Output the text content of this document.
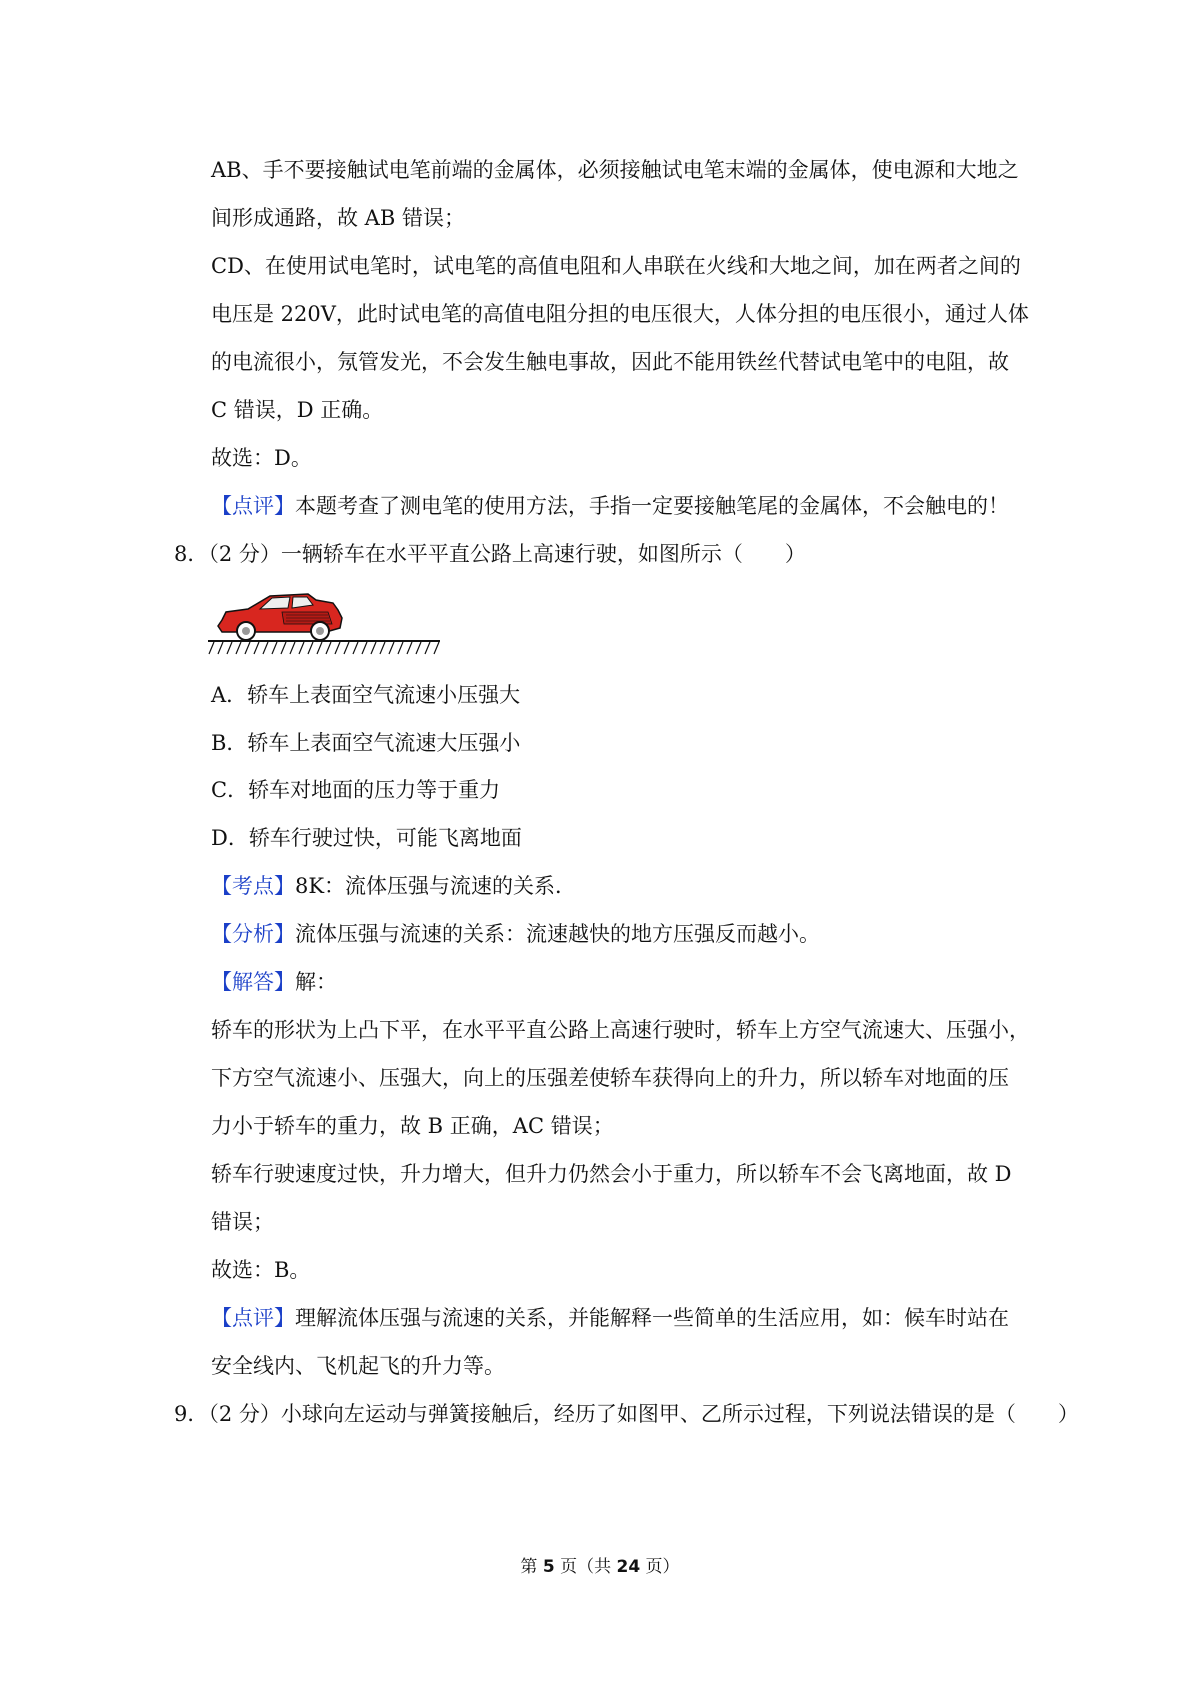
AB、手不要接触试电笔前端的金属体，必须接触试电笔末端的金属体，使电源和大地之
间形成通路，故 AB 错误；
CD、在使用试电笔时，试电笔的高值电阻和人串联在火线和大地之间，加在两者之间的
电压是 220V，此时试电笔的高值电阻分担的电压很大，人体分担的电压很小，通过人体
的电流很小，氖管发光，不会发生触电事故，因此不能用铁丝代替试电笔中的电阻，故
C 错误，D 正确。
故选：D。
【点评】本题考查了测电笔的使用方法，手指一定要接触笔尾的金属体，不会触电的！
8．（2 分）一辆轿车在水平平直公路上高速行驶，如图所示（　　）
A．轿车上表面空气流速小压强大
B．轿车上表面空气流速大压强小
C．轿车对地面的压力等于重力
D．轿车行驶过快，可能飞离地面
【考点】8K：流体压强与流速的关系．
【分析】流体压强与流速的关系：流速越快的地方压强反而越小。
【解答】解：
轿车的形状为上凸下平，在水平平直公路上高速行驶时，轿车上方空气流速大、压强小，
下方空气流速小、压强大，向上的压强差使轿车获得向上的升力，所以轿车对地面的压
力小于轿车的重力，故 B 正确，AC 错误；
轿车行驶速度过快，升力增大，但升力仍然会小于重力，所以轿车不会飞离地面，故 D
错误；
故选：B。
【点评】理解流体压强与流速的关系，并能解释一些简单的生活应用，如：候车时站在
安全线内、飞机起飞的升力等。
9．（2 分）小球向左运动与弹簧接触后，经历了如图甲、乙所示过程，下列说法错误的是（　　）
第 5 页（共 24 页）
